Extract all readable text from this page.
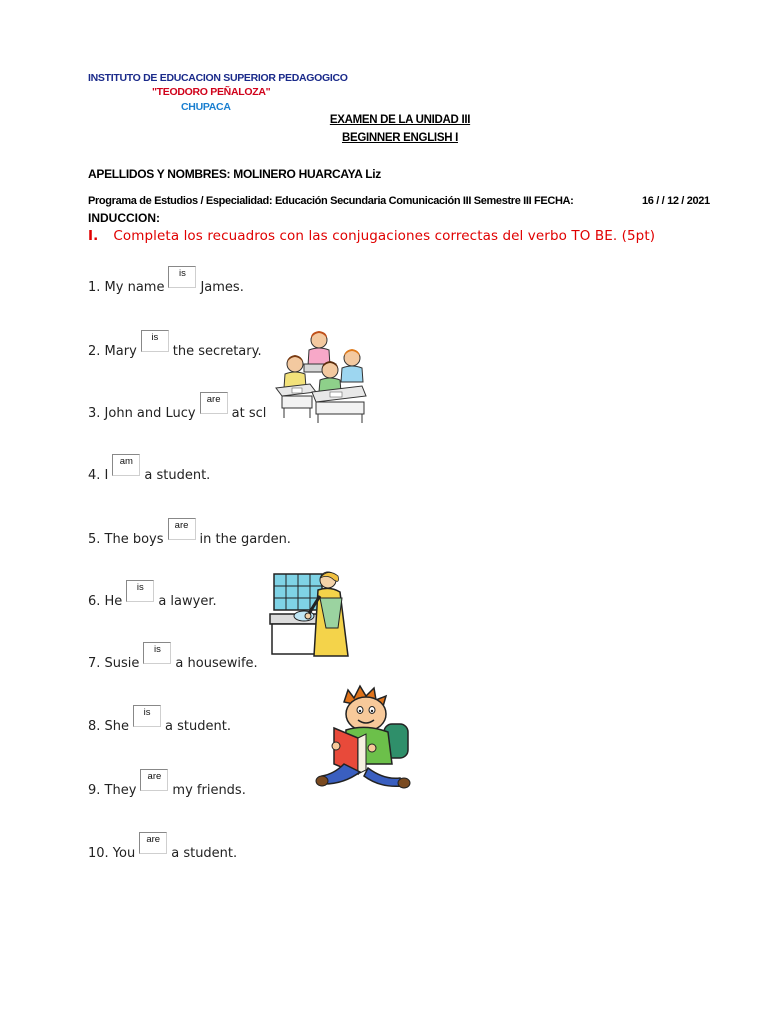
INSTITUTO DE EDUCACION SUPERIOR PEDAGOGICO
"TEODORO PEÑALOZA"
CHUPACA
EXAMEN DE LA UNIDAD III
BEGINNER ENGLISH I
APELLIDOS Y NOMBRES: MOLINERO HUARCAYA Liz
Programa de Estudios / Especialidad: Educación Secundaria Comunicación III Semestre III FECHA:	16 / / 12 / 2021
INDUCCION:
I. Completa los recuadros con las conjugaciones correctas del verbo TO BE. (5pt)
1. My name
is
James.
2. Mary
is
the secretary.
3. John and Lucy
are
at scl
4. I
am
a student.
5. The boys
are
in the garden.
6. He
is
a lawyer.
7. Susie
is
a housewife.
8. She
is
a student.
9. They
are
my friends.
10. You
are
a student.
